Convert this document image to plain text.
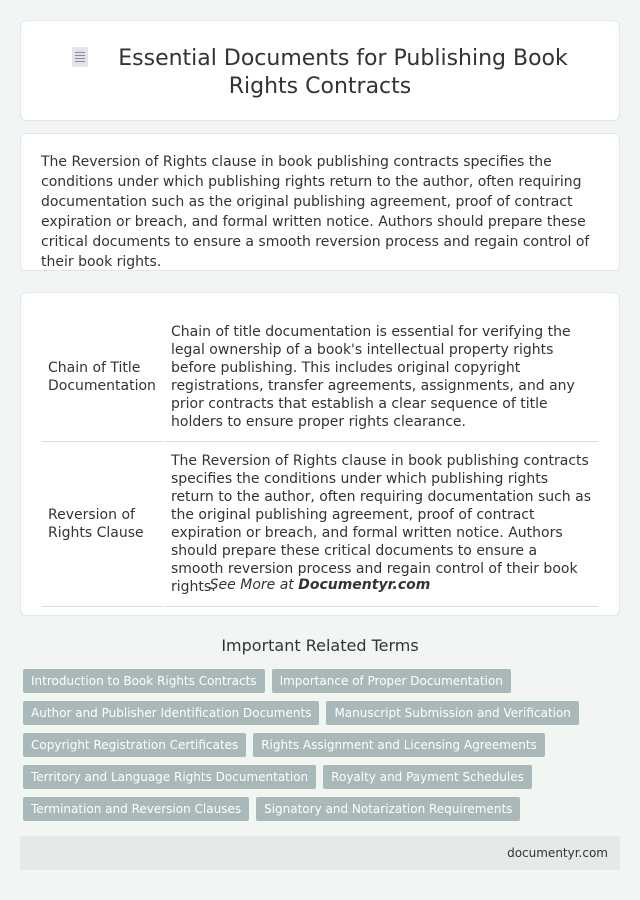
Essential Documents for Publishing Book Rights Contracts

The Reversion of Rights clause in book publishing contracts specifies the conditions under which publishing rights return to the author, often requiring documentation such as the original publishing agreement, proof of contract expiration or breach, and formal written notice. Authors should prepare these critical documents to ensure a smooth reversion process and regain control of their book rights.

Chain of Title Documentation	Chain of title documentation is essential for verifying the legal ownership of a book's intellectual property rights before publishing. This includes original copyright registrations, transfer agreements, assignments, and any prior contracts that establish a clear sequence of title holders to ensure proper rights clearance.
Reversion of Rights Clause	The Reversion of Rights clause in book publishing contracts specifies the conditions under which publishing rights return to the author, often requiring documentation such as the original publishing agreement, proof of contract expiration or breach, and formal written notice. Authors should prepare these critical documents to ensure a smooth reversion process and regain control of their book rights.
See More at Documentyr.com
Important Related Terms
Introduction to Book Rights Contracts	Importance of Proper Documentation
Author and Publisher Identification Documents	Manuscript Submission and Verification
Copyright Registration Certificates	Rights Assignment and Licensing Agreements
Territory and Language Rights Documentation	Royalty and Payment Schedules
Termination and Reversion Clauses	Signatory and Notarization Requirements
documentyr.com
